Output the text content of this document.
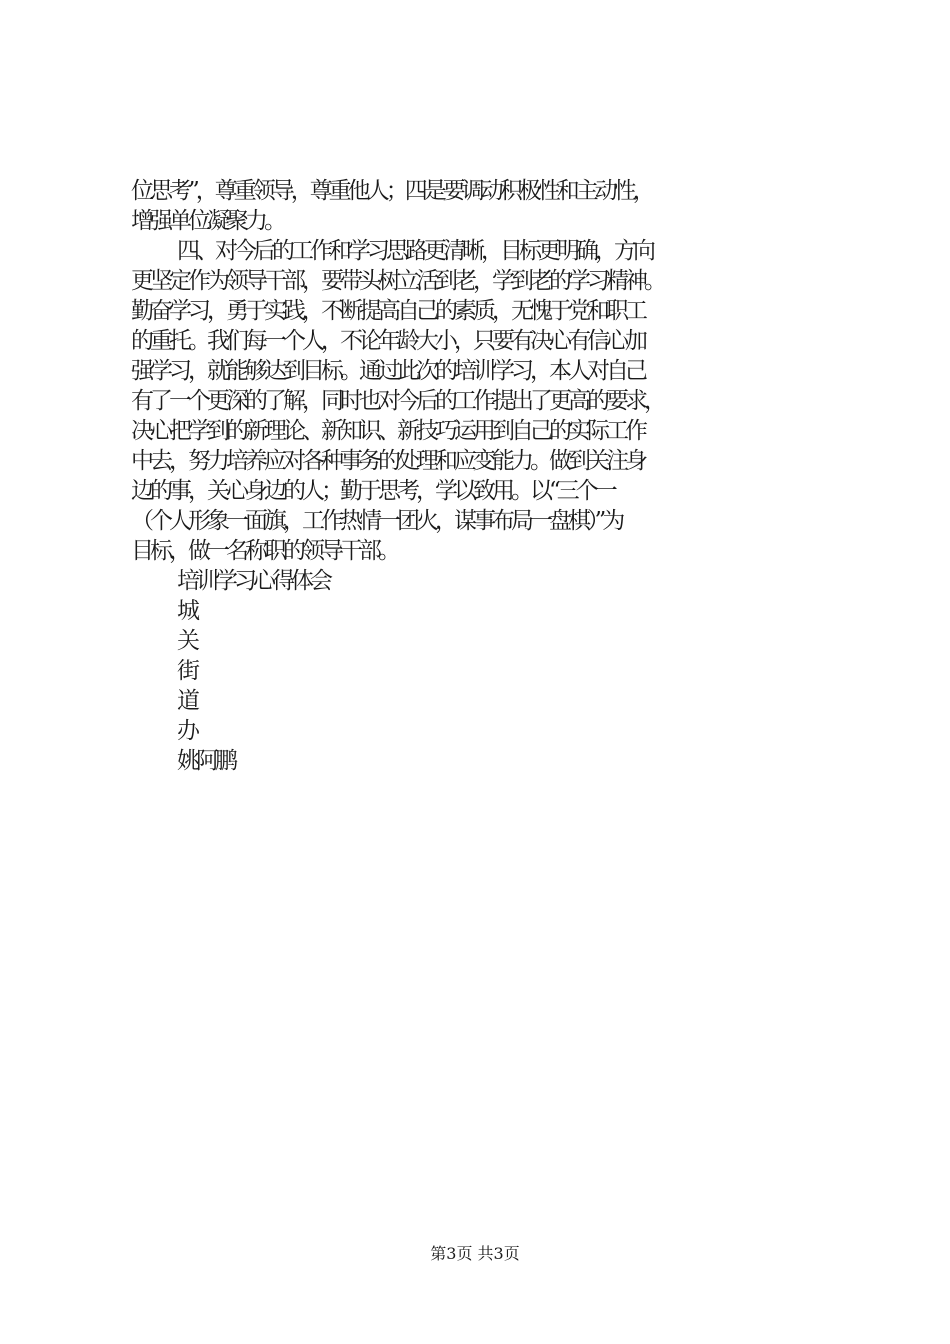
位思考”，尊重领导，尊重他人；四是要调动积极性和主动性，
增强单位凝聚力。
四、对今后的工作和学习思路更清晰，目标更明确，方向
更坚定作为领导干部，要带头树立活到老，学到老的学习精神。
勤奋学习，勇于实践，不断提高自己的素质，无愧于党和职工
的重托。我们每一个人，不论年龄大小，只要有决心有信心加
强学习，就能够达到目标。通过此次的培训学习，本人对自己
有了一个更深的了解，同时也对今后的工作提出了更高的要求，
决心把学到的新理论、新知识、新技巧运用到自己的实际工作
中去，努力培养应对各种事务的处理和应变能力。做到关注身
边的事，关心身边的人；勤于思考，学以致用。以“三个一
（个人形象一面旗，工作热情一团火，谋事布局一盘棋）”为
目标，做一名称职的领导干部。
培训学习心得体会
城
关
街
道
办
姚阿鹏
第3页 共3页
